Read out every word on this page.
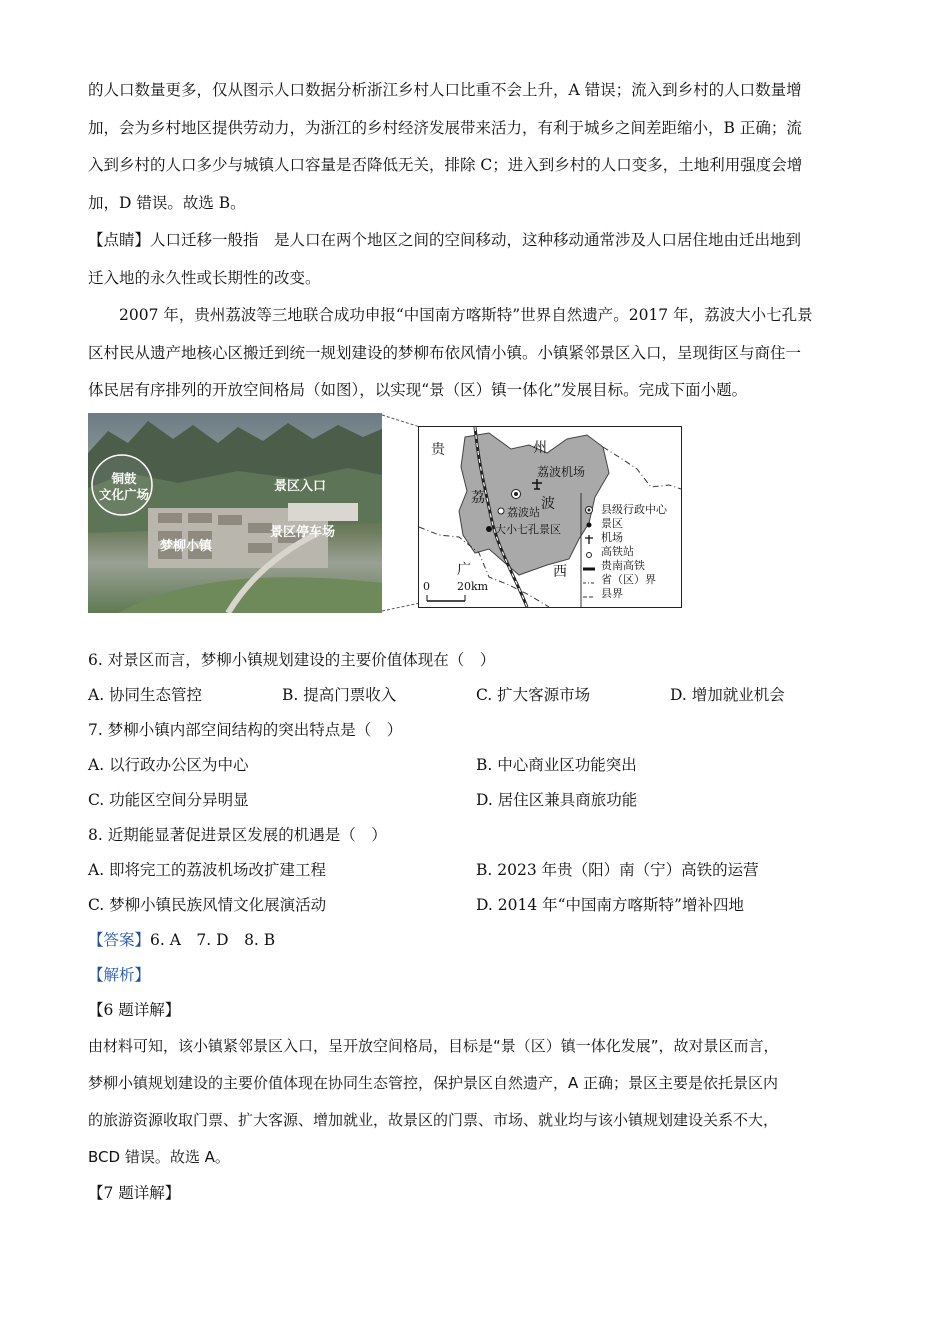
的人口数量更多，仅从图示人口数据分析浙江乡村人口比重不会上升，A 错误；流入到乡村的人口数量增

加，会为乡村地区提供劳动力，为浙江的乡村经济发展带来活力，有利于城乡之间差距缩小，B 正确；流

入到乡村的人口多少与城镇人口容量是否降低无关，排除 C；进入到乡村的人口变多，土地利用强度会增

加，D 错误。故选 B。

【点睛】人口迁移一般指　是人口在两个地区之间的空间移动，这种移动通常涉及人口居住地由迁出地到

迁入地的永久性或长期性的改变。

2007 年，贵州荔波等三地联合成功申报“中国南方喀斯特”世界自然遗产。2017 年，荔波大小七孔景

区村民从遗产地核心区搬迁到统一规划建设的梦柳布依风情小镇。小镇紧邻景区入口，呈现街区与商住一

体民居有序排列的开放空间格局（如图），以实现“景（区）镇一体化”发展目标。完成下面小题。

铜鼓
文化广场
景区入口
景区停车场
梦柳小镇
贵	州
荔	波
荔波机场
荔波站
大小七孔景区
广	西
0 20km
县级行政中心
景区
机场
高铁站
贵南高铁
省（区）界
县界

6. 对景区而言，梦柳小镇规划建设的主要价值体现在（　）

A. 协同生态管控	B. 提高门票收入	C. 扩大客源市场	D. 增加就业机会

7. 梦柳小镇内部空间结构的突出特点是（　）

A. 以行政办公区为中心	B. 中心商业区功能突出
C. 功能区空间分异明显	D. 居住区兼具商旅功能

8. 近期能显著促进景区发展的机遇是（　）

A. 即将完工的荔波机场改扩建工程	B. 2023 年贵（阳）南（宁）高铁的运营
C. 梦柳小镇民族风情文化展演活动	D. 2014 年“中国南方喀斯特”增补四地

【答案】6. A　7. D　8. B

【解析】

【6 题详解】

由材料可知，该小镇紧邻景区入口，呈开放空间格局，目标是“景（区）镇一体化发展”，故对景区而言，

梦柳小镇规划建设的主要价值体现在协同生态管控，保护景区自然遗产，A 正确；景区主要是依托景区内

的旅游资源收取门票、扩大客源、增加就业，故景区的门票、市场、就业均与该小镇规划建设关系不大，

BCD 错误。故选 A。

【7 题详解】
